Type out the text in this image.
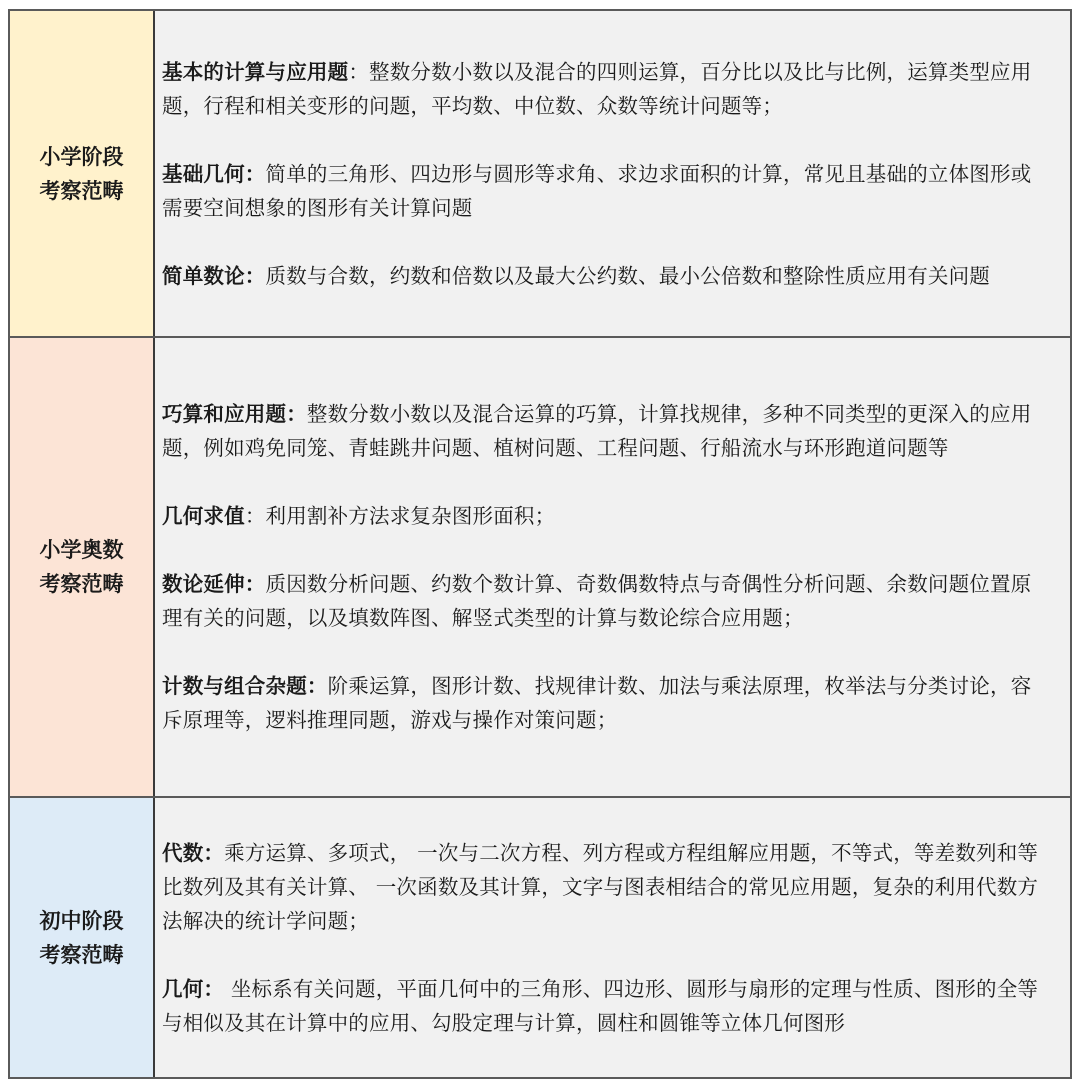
小学阶段
考察范畴

基本的计算与应用题：整数分数小数以及混合的四则运算，百分比以及比与比例，运算类型应用题，行程和相关变形的问题，平均数、中位数、众数等统计问题等；

基础几何：简单的三角形、四边形与圆形等求角、求边求面积的计算，常见且基础的立体图形或需要空间想象的图形有关计算问题

简单数论：质数与合数，约数和倍数以及最大公约数、最小公倍数和整除性质应用有关问题

小学奥数
考察范畴

巧算和应用题：整数分数小数以及混合运算的巧算，计算找规律，多种不同类型的更深入的应用题，例如鸡免同笼、青蛙跳井问题、植树问题、工程问题、行船流水与环形跑道问题等

几何求值：利用割补方法求复杂图形面积；

数论延伸：质因数分析问题、约数个数计算、奇数偶数特点与奇偶性分析问题、余数问题位置原理有关的问题，以及填数阵图、解竖式类型的计算与数论综合应用题；

计数与组合杂题：阶乘运算，图形计数、找规律计数、加法与乘法原理，枚举法与分类讨论，容斥原理等，逻料推理同题，游戏与操作对策问题；

初中阶段
考察范畴

代数：乘方运算、多项式， 一次与二次方程、列方程或方程组解应用题，不等式，等差数列和等比数列及其有关计算、 一次函数及其计算，文字与图表相结合的常见应用题，复杂的利用代数方法解决的统计学问题；

几何： 坐标系有关问题，平面几何中的三角形、四边形、圆形与扇形的定理与性质、图形的全等与相似及其在计算中的应用、勾股定理与计算，圆柱和圆锥等立体几何图形
